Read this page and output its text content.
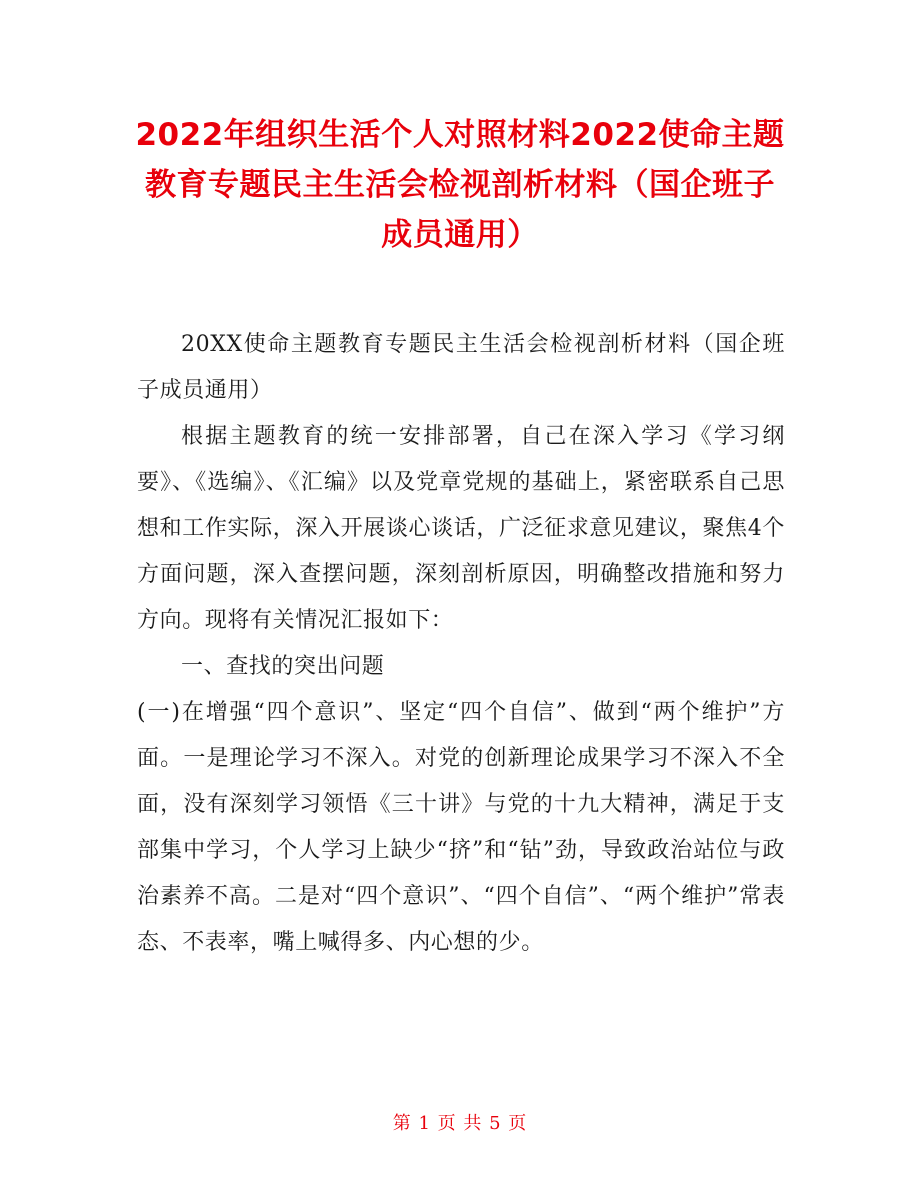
2022年组织生活个人对照材料2022使命主题
教育专题民主生活会检视剖析材料（国企班子
成员通用）

20XX使命主题教育专题民主生活会检视剖析材料（国企班子成员通用）

根据主题教育的统一安排部署，自己在深入学习《学习纲要》、《选编》、《汇编》以及党章党规的基础上，紧密联系自己思想和工作实际，深入开展谈心谈话，广泛征求意见建议，聚焦4个方面问题，深入查摆问题，深刻剖析原因，明确整改措施和努力方向。现将有关情况汇报如下：

一、查找的突出问题

(一)在增强“四个意识”、坚定“四个自信”、做到“两个维护”方面。一是理论学习不深入。对党的创新理论成果学习不深入不全面，没有深刻学习领悟《三十讲》与党的十九大精神，满足于支部集中学习，个人学习上缺少“挤”和“钻”劲，导致政治站位与政治素养不高。二是对“四个意识”、“四个自信”、“两个维护”常表态、不表率，嘴上喊得多、内心想的少。

第 1 页 共 5 页
